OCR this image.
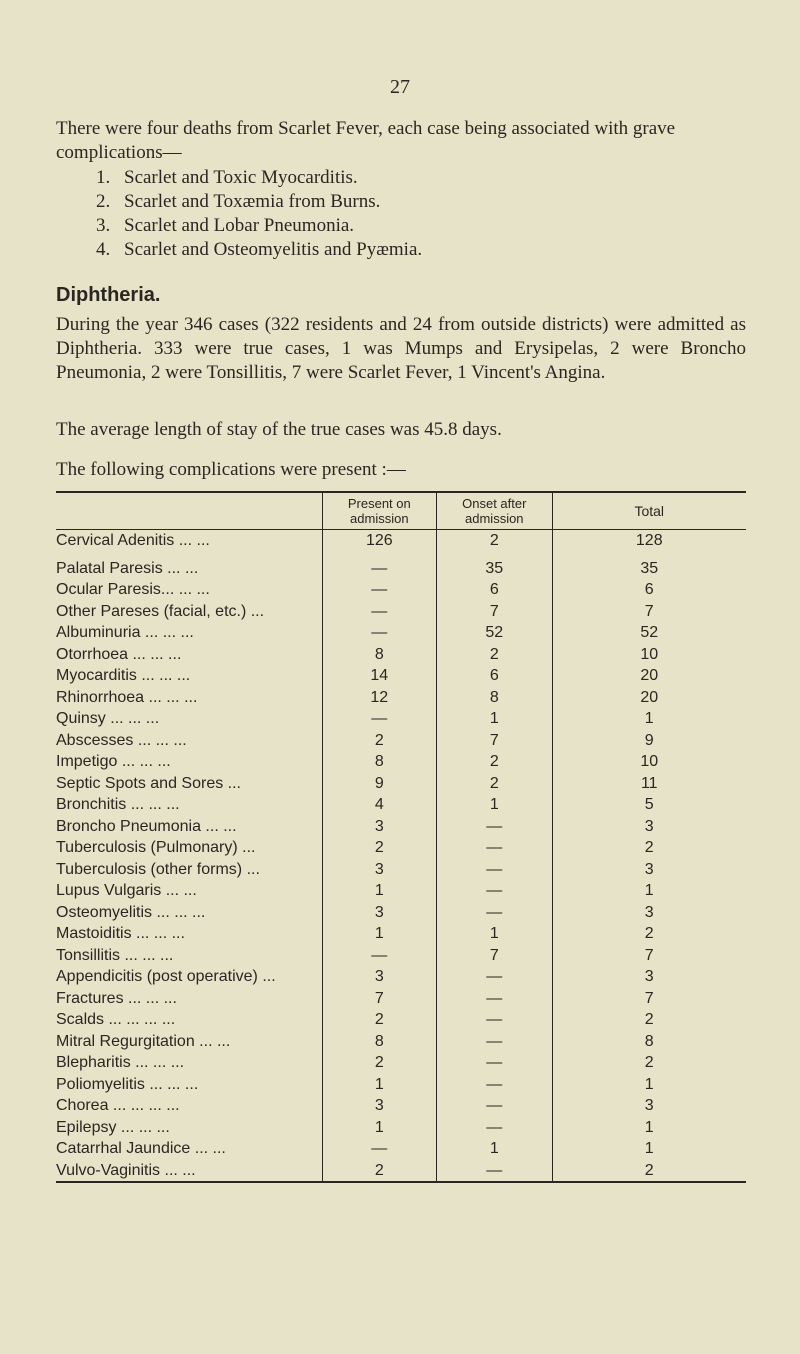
27
There were four deaths from Scarlet Fever, each case being associated with grave complications—
1. Scarlet and Toxic Myocarditis.
2. Scarlet and Toxæmia from Burns.
3. Scarlet and Lobar Pneumonia.
4. Scarlet and Osteomyelitis and Pyæmia.
Diphtheria.
During the year 346 cases (322 residents and 24 from outside districts) were admitted as Diphtheria. 333 were true cases, 1 was Mumps and Erysipelas, 2 were Broncho Pneumonia, 2 were Tonsillitis, 7 were Scarlet Fever, 1 Vincent's Angina.
The average length of stay of the true cases was 45.8 days.
The following complications were present :—
	Present on admission	Onset after admission	Total
Cervical Adenitis ... ...	126	2	128
Palatal Paresis ... ...	—	35	35
Ocular Paresis... ... ...	—	6	6
Other Pareses (facial, etc.) ...	—	7	7
Albuminuria ... ... ...	—	52	52
Otorrhoea ... ... ...	8	2	10
Myocarditis ... ... ...	14	6	20
Rhinorrhoea ... ... ...	12	8	20
Quinsy ... ... ...	—	1	1
Abscesses ... ... ...	2	7	9
Impetigo ... ... ...	8	2	10
Septic Spots and Sores ...	9	2	11
Bronchitis ... ... ...	4	1	5
Broncho Pneumonia ... ...	3	—	3
Tuberculosis (Pulmonary) ...	2	—	2
Tuberculosis (other forms) ...	3	—	3
Lupus Vulgaris ... ...	1	—	1
Osteomyelitis ... ... ...	3	—	3
Mastoiditis ... ... ...	1	1	2
Tonsillitis ... ... ...	—	7	7
Appendicitis (post operative) ...	3	—	3
Fractures ... ... ...	7	—	7
Scalds ... ... ... ...	2	—	2
Mitral Regurgitation ... ...	8	—	8
Blepharitis ... ... ...	2	—	2
Poliomyelitis ... ... ...	1	—	1
Chorea ... ... ... ...	3	—	3
Epilepsy ... ... ...	1	—	1
Catarrhal Jaundice ... ...	—	1	1
Vulvo-Vaginitis ... ...	2	—	2
